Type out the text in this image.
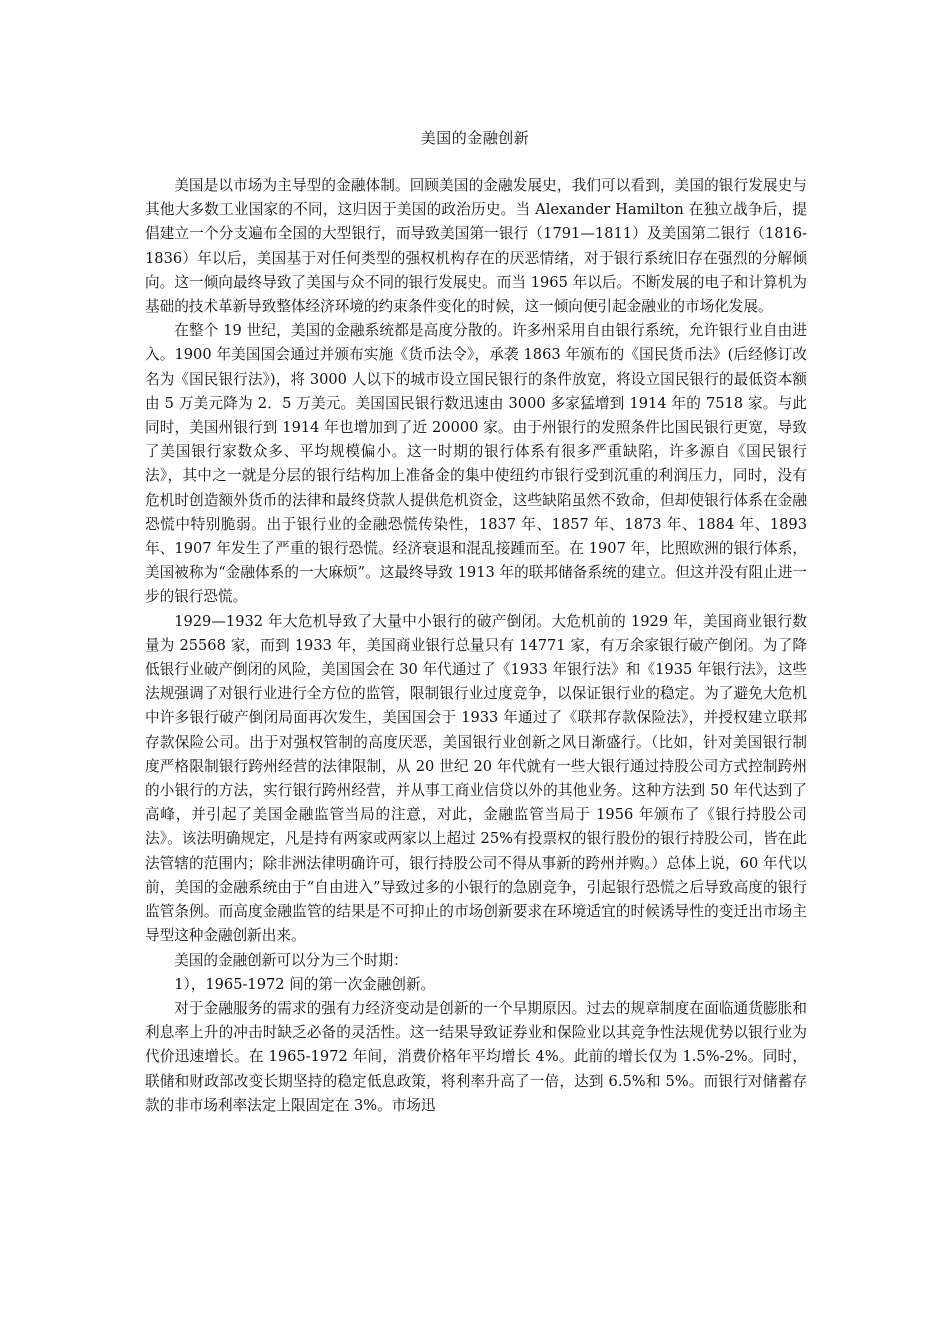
美国的金融创新

美国是以市场为主导型的金融体制。回顾美国的金融发展史，我们可以看到，美国的银行发展史与其他大多数工业国家的不同，这归因于美国的政治历史。当 Alexander Hamilton 在独立战争后，提倡建立一个分支遍布全国的大型银行，而导致美国第一银行（1791—1811）及美国第二银行（1816-1836）年以后，美国基于对任何类型的强权机构存在的厌恶情绪，对于银行系统旧存在强烈的分解倾向。这一倾向最终导致了美国与众不同的银行发展史。而当 1965 年以后。不断发展的电子和计算机为基础的技术革新导致整体经济环境的约束条件变化的时候，这一倾向便引起金融业的市场化发展。

在整个 19 世纪，美国的金融系统都是高度分散的。许多州采用自由银行系统，允许银行业自由进入。1900 年美国国会通过并颁布实施《货币法令》，承袭 1863 年颁布的《国民货币法》(后经修订改名为《国民银行法》)，将 3000 人以下的城市设立国民银行的条件放宽，将设立国民银行的最低资本额由 5 万美元降为 2．5 万美元。美国国民银行数迅速由 3000 多家猛增到 1914 年的 7518 家。与此同时，美国州银行到 1914 年也增加到了近 20000 家。由于州银行的发照条件比国民银行更宽，导致了美国银行家数众多、平均规模偏小。这一时期的银行体系有很多严重缺陷，许多源自《国民银行法》，其中之一就是分层的银行结构加上准备金的集中使纽约市银行受到沉重的利润压力，同时，没有危机时创造额外货币的法律和最终贷款人提供危机资金，这些缺陷虽然不致命，但却使银行体系在金融恐慌中特别脆弱。出于银行业的金融恐慌传染性，1837 年、1857 年、1873 年、1884 年、1893 年、1907 年发生了严重的银行恐慌。经济衰退和混乱接踵而至。在 1907 年，比照欧洲的银行体系，美国被称为“金融体系的一大麻烦”。这最终导致 1913 年的联邦储备系统的建立。但这并没有阻止进一步的银行恐慌。

1929—1932 年大危机导致了大量中小银行的破产倒闭。大危机前的 1929 年，美国商业银行数量为 25568 家，而到 1933 年，美国商业银行总量只有 14771 家，有万余家银行破产倒闭。为了降低银行业破产倒闭的风险，美国国会在 30 年代通过了《1933 年银行法》和《1935 年银行法》，这些法规强调了对银行业进行全方位的监管，限制银行业过度竞争，以保证银行业的稳定。为了避免大危机中许多银行破产倒闭局面再次发生，美国国会于 1933 年通过了《联邦存款保险法》，并授权建立联邦存款保险公司。出于对强权管制的高度厌恶，美国银行业创新之风日渐盛行。（比如，针对美国银行制度严格限制银行跨州经营的法律限制，从 20 世纪 20 年代就有一些大银行通过持股公司方式控制跨州的小银行的方法，实行银行跨州经营，并从事工商业信贷以外的其他业务。这种方法到 50 年代达到了高峰，并引起了美国金融监管当局的注意，对此，金融监管当局于 1956 年颁布了《银行持股公司法》。该法明确规定，凡是持有两家或两家以上超过 25%有投票权的银行股份的银行持股公司，皆在此法管辖的范围内；除非洲法律明确许可，银行持股公司不得从事新的跨州并购。）总体上说，60 年代以前，美国的金融系统由于“自由进入”导致过多的小银行的急剧竞争，引起银行恐慌之后导致高度的银行监管条例。而高度金融监管的结果是不可抑止的市场创新要求在环境适宜的时候诱导性的变迁出市场主导型这种金融创新出来。

美国的金融创新可以分为三个时期：

1），1965-1972 间的第一次金融创新。

对于金融服务的需求的强有力经济变动是创新的一个早期原因。过去的规章制度在面临通货膨胀和利息率上升的冲击时缺乏必备的灵活性。这一结果导致证券业和保险业以其竞争性法规优势以银行业为代价迅速增长。在 1965-1972 年间，消费价格年平均增长 4%。此前的增长仅为 1.5%-2%。同时，联储和财政部改变长期坚持的稳定低息政策，将利率升高了一倍，达到 6.5%和 5%。而银行对储蓄存款的非市场利率法定上限固定在 3%。市场迅
